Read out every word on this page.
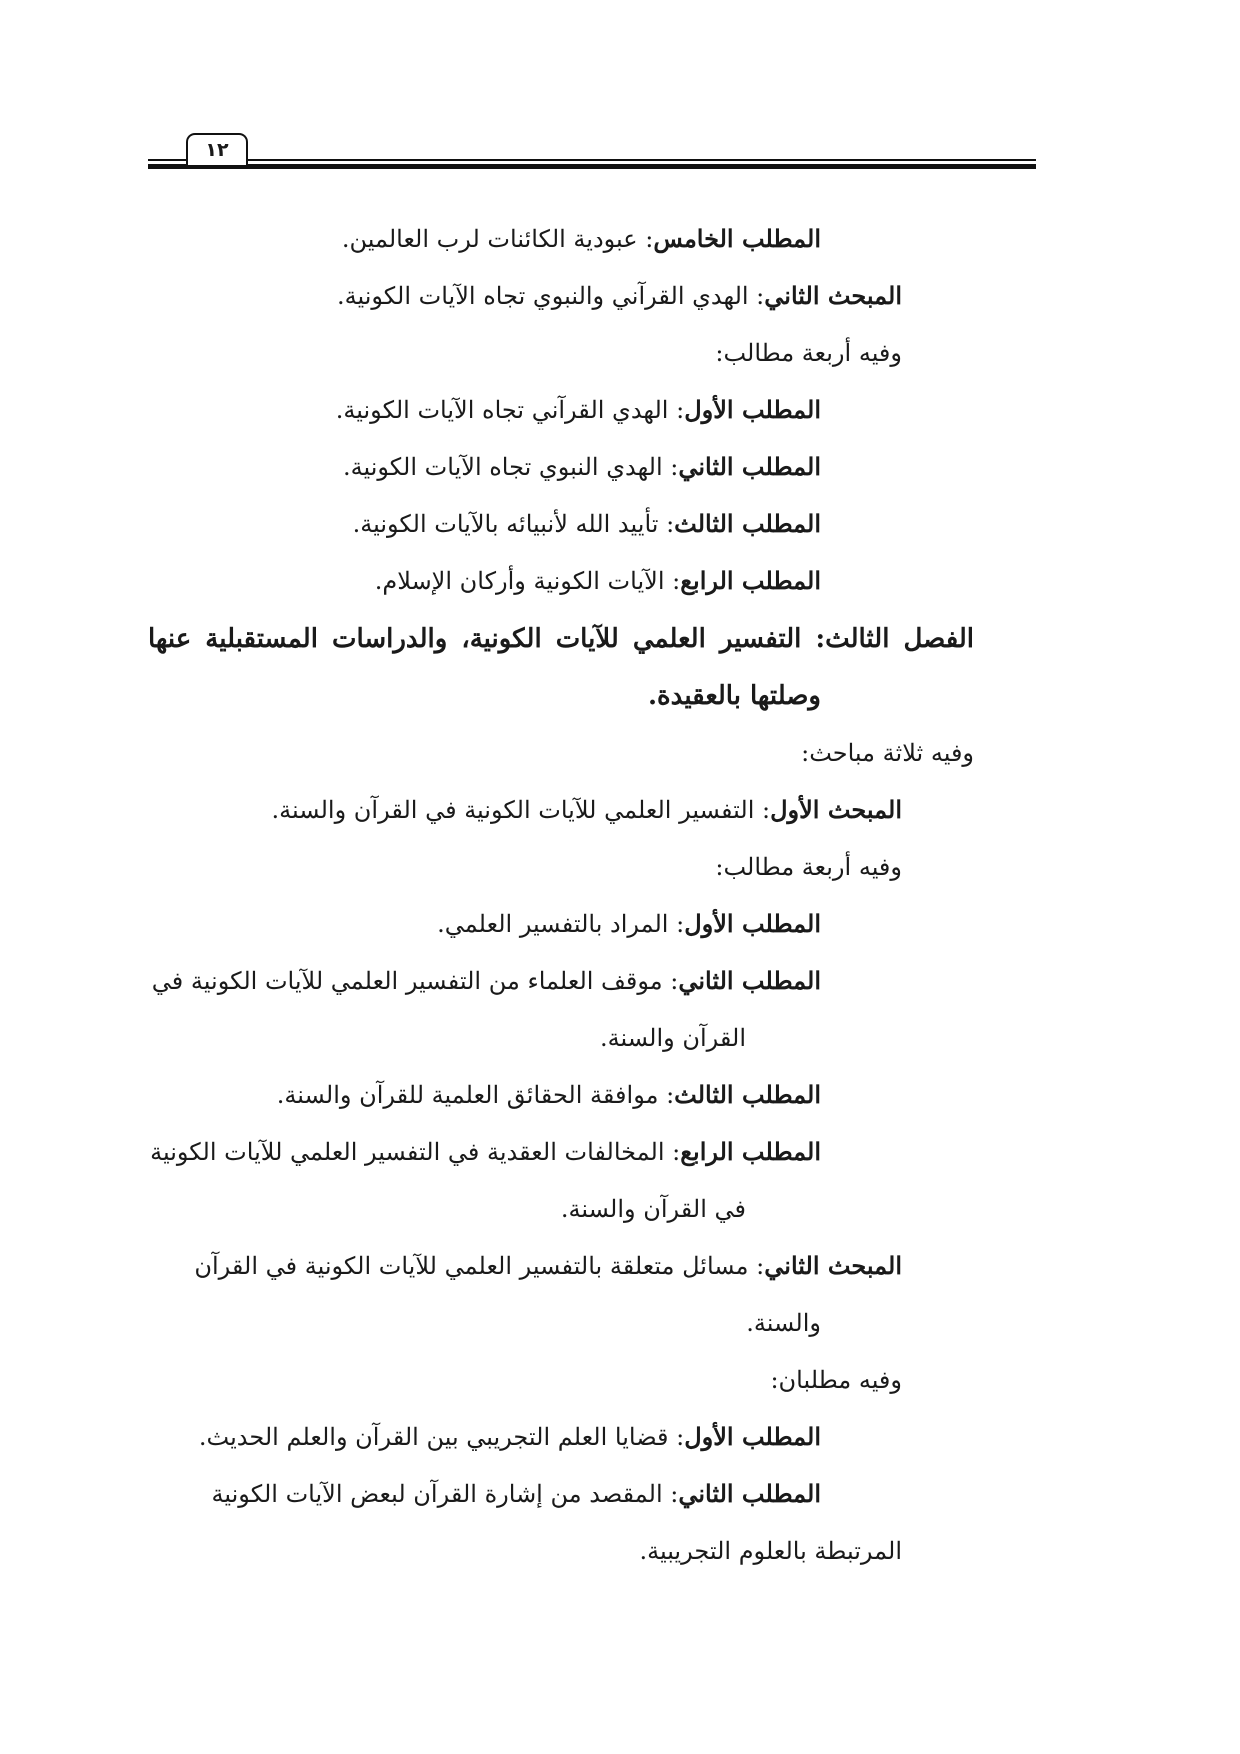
١٢
المطلب الخامس: عبودية الكائنات لرب العالمين.
المبحث الثاني: الهدي القرآني والنبوي تجاه الآيات الكونية.
وفيه أربعة مطالب:
المطلب الأول: الهدي القرآني تجاه الآيات الكونية.
المطلب الثاني: الهدي النبوي تجاه الآيات الكونية.
المطلب الثالث: تأييد الله لأنبيائه بالآيات الكونية.
المطلب الرابع: الآيات الكونية وأركان الإسلام.
الفصل الثالث: التفسير العلمي للآيات الكونية، والدراسات المستقبلية عنها
وصلتها بالعقيدة.
وفيه ثلاثة مباحث:
المبحث الأول: التفسير العلمي للآيات الكونية في القرآن والسنة.
وفيه أربعة مطالب:
المطلب الأول: المراد بالتفسير العلمي.
المطلب الثاني: موقف العلماء من التفسير العلمي للآيات الكونية في
القرآن والسنة.
المطلب الثالث: موافقة الحقائق العلمية للقرآن والسنة.
المطلب الرابع: المخالفات العقدية في التفسير العلمي للآيات الكونية
في القرآن والسنة.
المبحث الثاني: مسائل متعلقة بالتفسير العلمي للآيات الكونية في القرآن
والسنة.
وفيه مطلبان:
المطلب الأول: قضايا العلم التجريبي بين القرآن والعلم الحديث.
المطلب الثاني: المقصد من إشارة القرآن لبعض الآيات الكونية
المرتبطة بالعلوم التجريبية.
